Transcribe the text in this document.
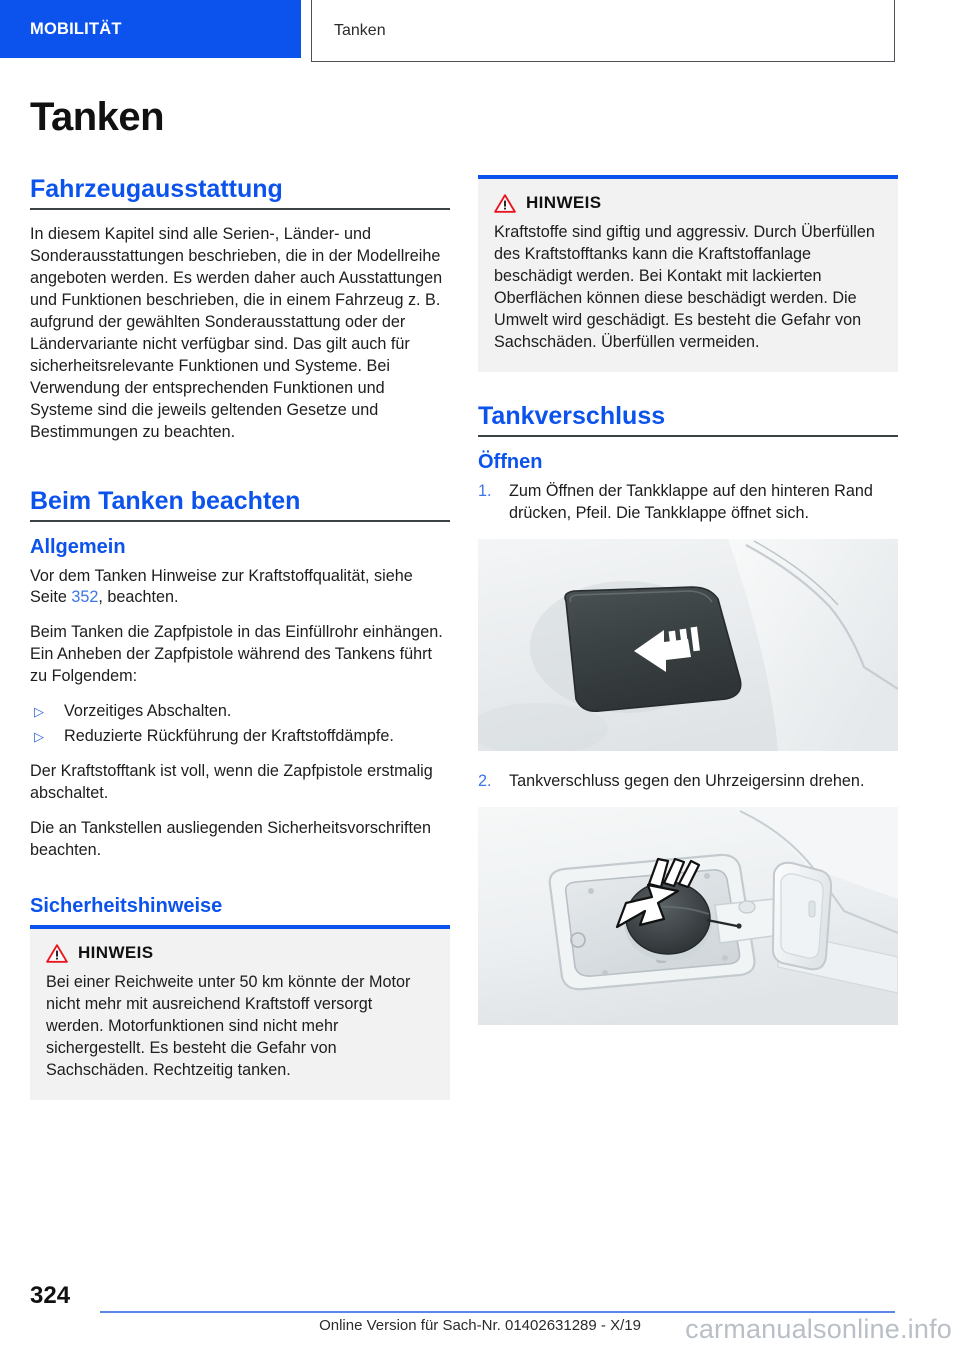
MOBILITÄT	Tanken
Tanken
Fahrzeugausstattung

In diesem Kapitel sind alle Serien-, Länder- und Sonderausstattungen beschrieben, die in der Modellreihe angeboten werden. Es werden daher auch Ausstattungen und Funktionen beschrieben, die in einem Fahrzeug z. B. aufgrund der gewählten Sonderausstattung oder der Ländervariante nicht verfügbar sind. Das gilt auch für sicherheitsrelevante Funktionen und Systeme. Bei Verwendung der entsprechenden Funktionen und Systeme sind die jeweils geltenden Gesetze und Bestimmungen zu beachten.

Beim Tanken beachten
Allgemein

Vor dem Tanken Hinweise zur Kraftstoffqualität, siehe Seite 352, beachten.

Beim Tanken die Zapfpistole in das Einfüllrohr einhängen. Ein Anheben der Zapfpistole während des Tankens führt zu Folgendem:

▷ Vorzeitiges Abschalten.
▷ Reduzierte Rückführung der Kraftstoffdämpfe.

Der Kraftstofftank ist voll, wenn die Zapfpistole erstmalig abschaltet.

Die an Tankstellen ausliegenden Sicherheitsvorschriften beachten.

Sicherheitshinweise
HINWEIS
Bei einer Reichweite unter 50 km könnte der Motor nicht mehr mit ausreichend Kraftstoff versorgt werden. Motorfunktionen sind nicht mehr sichergestellt. Es besteht die Gefahr von Sachschäden. Rechtzeitig tanken.
HINWEIS
Kraftstoffe sind giftig und aggressiv. Durch Überfüllen des Kraftstofftanks kann die Kraftstoffanlage beschädigt werden. Bei Kontakt mit lackierten Oberflächen können diese beschädigt werden. Die Umwelt wird geschädigt. Es besteht die Gefahr von Sachschäden. Überfüllen vermeiden.
Tankverschluss
Öffnen
1. Zum Öffnen der Tankklappe auf den hinteren Rand drücken, Pfeil. Die Tankklappe öffnet sich.
2. Tankverschluss gegen den Uhrzeigersinn drehen.
324
Online Version für Sach-Nr. 01402631289 - X/19	carmanualsonline.info
